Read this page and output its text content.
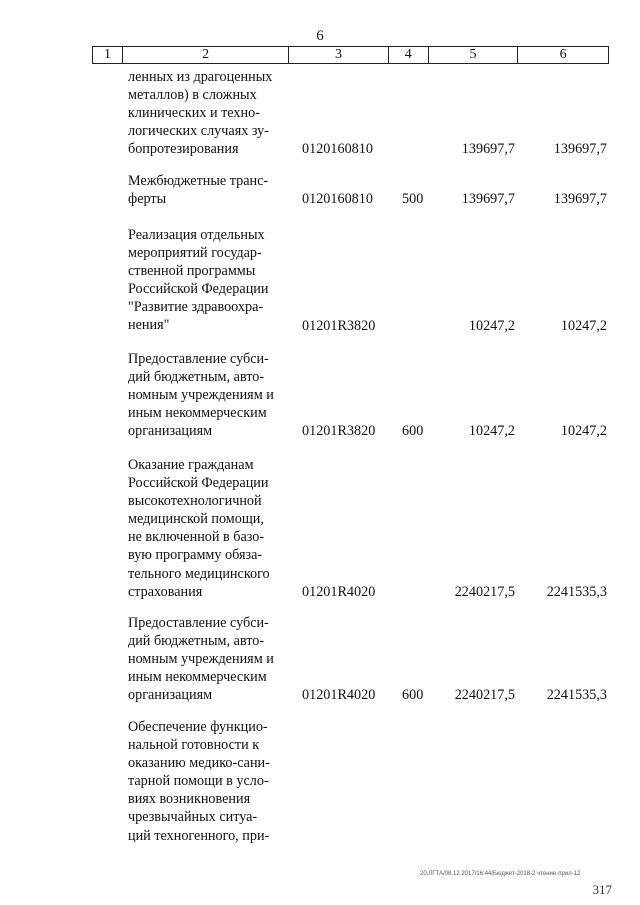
6
1	2	3	4	5	6
ленных из драгоценных
металлов) в сложных
клинических и техно-
логических случаях зу-
бопротезирования	0120160810	139697,7	139697,7
Межбюджетные транс-
ферты	0120160810 500	139697,7	139697,7
Реализация отдельных
мероприятий государ-
ственной программы
Российской Федерации
"Развитие здравоохра-
нения"	01201R3820	10247,2	10247,2
Предоставление субси-
дий бюджетным, авто-
номным учреждениям и
иным некоммерческим
организациям	01201R3820 600	10247,2	10247,2
Оказание гражданам
Российской Федерации
высокотехнологичной
медицинской помощи,
не включенной в базо-
вую программу обяза-
тельного медицинского
страхования	01201R4020	2240217,5 2241535,3
Предоставление субси-
дий бюджетным, авто-
номным учреждениям и
иным некоммерческим
организациям	01201R4020 600 2240217,5 2241535,3
Обеспечение функцио-
нальной готовности к
оказанию медико-сани-
тарной помощи в усло-
виях возникновения
чрезвычайных ситуа-
ций техногенного, при-
20.ЛГТА/08.12.2017/16:44/Бюджет-2018-2 чтение-прил-12
317
